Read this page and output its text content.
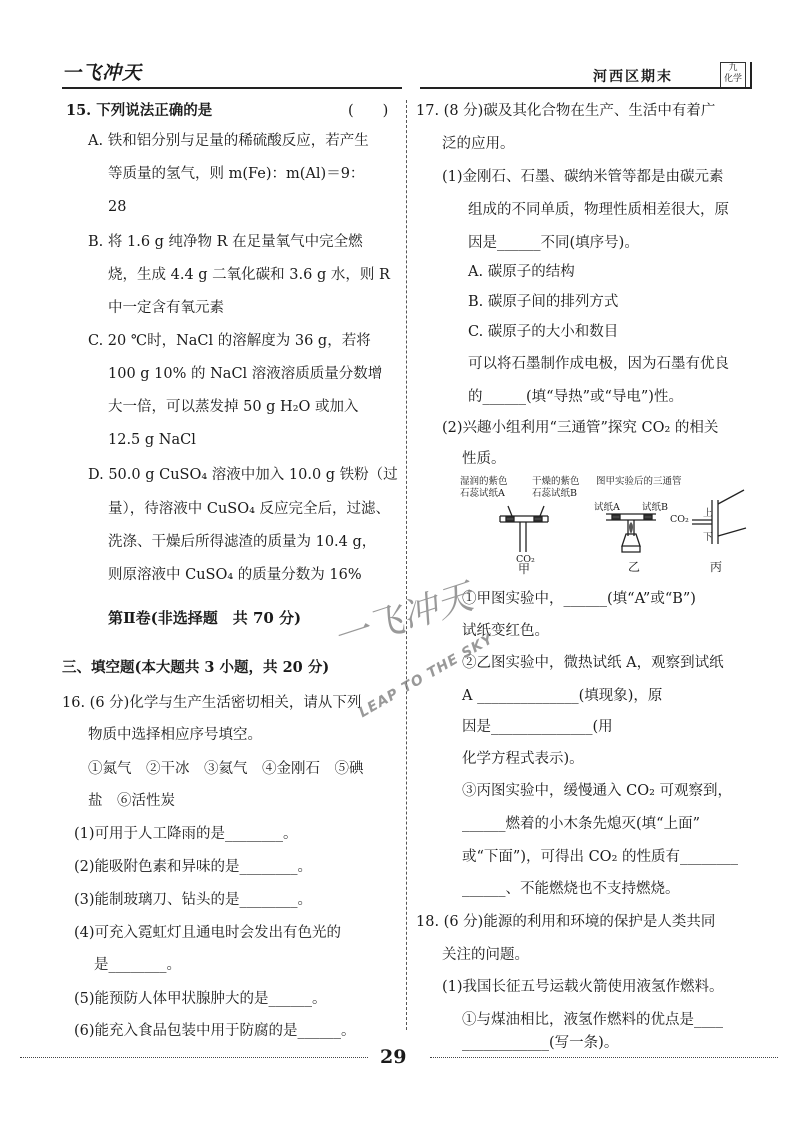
一飞冲天	河西区期末
九
化学
15. 下列说法正确的是	(　　)
A. 铁和铝分别与足量的稀硫酸反应，若产生
等质量的氢气，则 m(Fe)：m(Al)＝9：
28
B. 将 1.6 g 纯净物 R 在足量氧气中完全燃
烧，生成 4.4 g 二氧化碳和 3.6 g 水，则 R
中一定含有氧元素
C. 20 ℃时，NaCl 的溶解度为 36 g，若将
100 g 10% 的 NaCl 溶液溶质质量分数增
大一倍，可以蒸发掉 50 g H₂O 或加入
12.5 g NaCl
D. 50.0 g CuSO₄ 溶液中加入 10.0 g 铁粉（过
量），待溶液中 CuSO₄ 反应完全后，过滤、
洗涤、干燥后所得滤渣的质量为 10.4 g，
则原溶液中 CuSO₄ 的质量分数为 16%
第Ⅱ卷(非选择题　共 70 分)
三、填空题(本大题共 3 小题，共 20 分)
16. (6 分)化学与生产生活密切相关，请从下列
物质中选择相应序号填空。
①氮气　②干冰　③氦气　④金刚石　⑤碘
盐　⑥活性炭
(1)可用于人工降雨的是________。
(2)能吸附色素和异味的是________。
(3)能制玻璃刀、钻头的是________。
(4)可充入霓虹灯且通电时会发出有色光的
是________。
(5)能预防人体甲状腺肿大的是______。
(6)能充入食品包装中用于防腐的是______。
17. (8 分)碳及其化合物在生产、生活中有着广
泛的应用。
(1)金刚石、石墨、碳纳米管等都是由碳元素
组成的不同单质，物理性质相差很大，原
因是______不同(填序号)。
A. 碳原子的结构
B. 碳原子间的排列方式
C. 碳原子的大小和数目
可以将石墨制作成电极，因为石墨有优良
的______(填“导热”或“导电”)性。
(2)兴趣小组利用“三通管”探究 CO₂ 的相关
性质。
湿润的紫色
石蕊试纸A
干燥的紫色
石蕊试纸B
CO₂
甲
图甲实验后的三通管
试纸A 试纸B
乙
CO₂
上
下
丙
①甲图实验中，______(填“A”或“B”)
试纸变红色。
②乙图实验中，微热试纸 A，观察到试纸
A ______________(填现象)，原
因是______________(用
化学方程式表示)。
③丙图实验中，缓慢通入 CO₂ 可观察到，
______燃着的小木条先熄灭(填“上面”
或“下面”)，可得出 CO₂ 的性质有________
______、不能燃烧也不支持燃烧。
18. (6 分)能源的利用和环境的保护是人类共同
关注的问题。
(1)我国长征五号运载火箭使用液氢作燃料。
①与煤油相比，液氢作燃料的优点是____
____________(写一条)。
一飞冲天
LEAP TO THE SKY
29
